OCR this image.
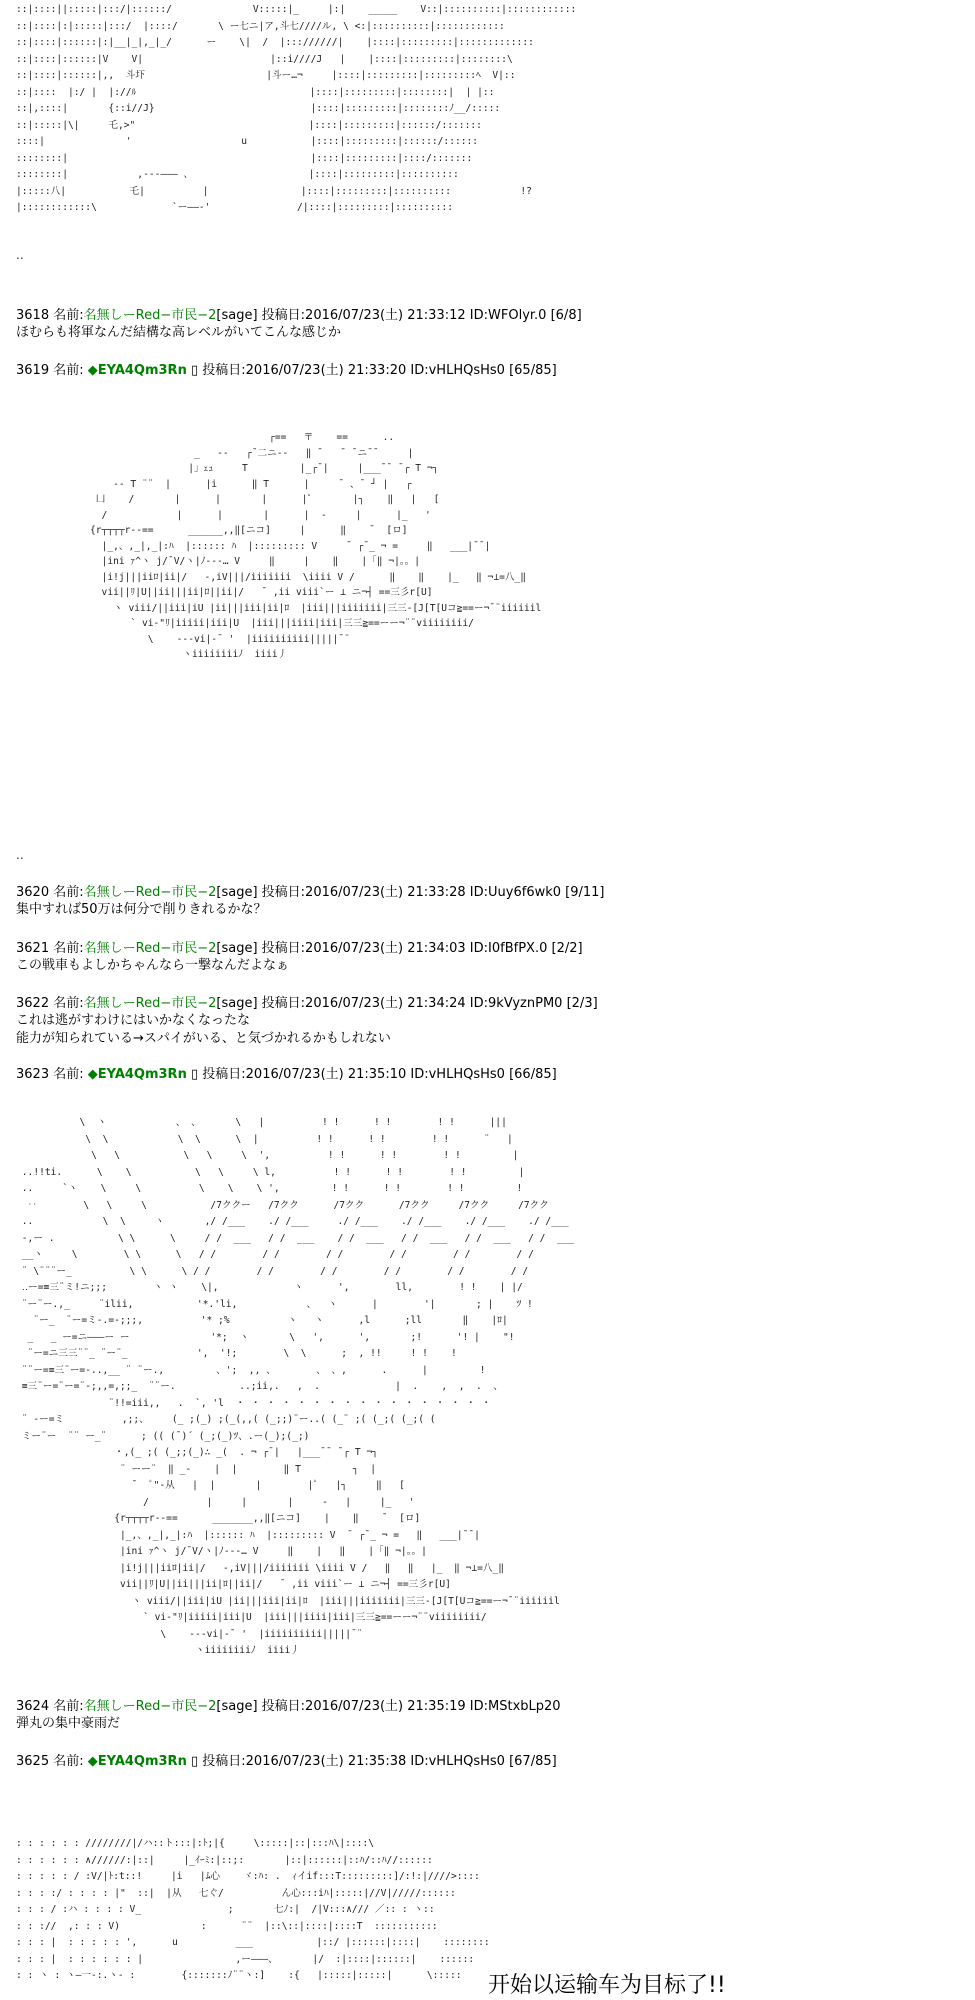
::|::::||:::::|:::/|::::::/              V:::::|_     |:|    _____    V::|::::::::::|::::::::::::
::|::::|:|:::::|:::/  |::::/       \ ー七ニ|ア,斗七////ル, \ <:|::::::::::|::::::::::::
::|::::|::::::|:|__|_|,_|_/      ー    \|  /  |::://////|    |::::|:::::::::|:::::::::::::
::|::::|::::::|V    V|                      |::i////J   |    |::::|:::::::::|::::::::\
::|::::|::::::|,,  斗圷                     |斗ー…¬     |::::|:::::::::|:::::::::ﾍ  V|::
::|::::  |:/ |  |://ﾙ                              |::::|:::::::::|::::::::|  | |::
::|,::::|       {::i//J}                           |::::|:::::::::|::::::::ﾉ__/:::::
::|:::::|\|     乇,>"                              |::::|:::::::::|::::::/:::::::
::::|              '                   u           |::::|:::::::::|::::::/::::::
::::::::|                                          |::::|:::::::::|::::/:::::::
::::::::|            ,---――― 、                    |::::|:::::::::|::::::::::
|:::::八|           乇|          |                |::::|:::::::::|::::::::::            !?
|::::::::::::\             `ー――-'               /|::::|:::::::::|::::::::::
..
3618 名前:名無しーRed−市民−2[sage] 投稿日:2016/07/23(土) 21:33:12 ID:WFOlyr.0 [6/8]
ほむらも将軍なんだ結構な高レベルがいてこんな感じか
3619 名前: ◆EYA4Qm3Rn ▯ 投稿日:2016/07/23(土) 21:33:20 ID:vHLHQsHs0 [65/85]
┌==   〒    ==      ..
_   --   ┌¯二ニ--   ‖ ¯   ¯ ¯ニ¯¯     |
|」ｪｭ     T         |_┌¯|     |___¯¯ ¯┌ T ¬┐
-- T ¨¨  |      |i      ‖ T      |     ¯ 、¯ ┘ |   ┌
凵    /       |      |       |      |ﾟ       |┐    ‖   |   [
/            |      |       |      |  -     |      |_   '
{r┬┬┬┬r--==      ______,,‖[ニコ]     |      ‖    ¯  [ロ]
|_,、,_|,_|:ﾊ  |:::::: ﾊ  |::::::::: V     ¯ ┌¯_ ¬ =     ‖   ___|¯¯|
|ini ｧ^ヽ j/¯V/ヽ|ﾉ---… V     ‖     |    ‖    |「‖ ¬|。。|
|i!j|||iiﾛ|ii|/   -,iV|||/iiiiiii  \iiii V /      ‖    ‖    |_   ‖ ¬⊥=八_‖
vii||ﾘ|U||ii|||ii|ﾛ||ii|/   ¯ ,ii viii`ー ⊥ ニ¬┤ ==三彡r[U]
ヽ viii/||iii|iU |ii|||iii|ii|ﾛ  |iii|||iiiiiii|三三-[J[T[Uコ≧==ー¬¯¨iiiiiil
` vi-"ﾘ|iiiii|iii|U  |iii|||iiii|iii|三三≧==ーー¬¨¨viiiiiiii/
\    ---vi|-¯ '  |iiiiiiiiii|||||¯¨
ヽiiiiiiiiﾉ  iiii丿
..
3620 名前:名無しーRed−市民−2[sage] 投稿日:2016/07/23(土) 21:33:28 ID:Uuy6f6wk0 [9/11]
集中すれば50万は何分で削りきれるかな？
3621 名前:名無しーRed−市民−2[sage] 投稿日:2016/07/23(土) 21:34:03 ID:I0fBfPX.0 [2/2]
この戦車もよしかちゃんなら一撃なんだよなぁ
3622 名前:名無しーRed−市民−2[sage] 投稿日:2016/07/23(土) 21:34:24 ID:9kVyznPM0 [2/3]
これは逃がすわけにはいかなくなったな
能力が知られている→スパイがいる、と気づかれるかもしれない
3623 名前: ◆EYA4Qm3Rn ▯ 投稿日:2016/07/23(土) 21:35:10 ID:vHLHQsHs0 [66/85]
\  ヽ            、 、      \   |          ! !      ! !        ! !      |||
\  \            \  \      \  |          ! !      ! !        ! !      ¨   |
\   \           \   \     \  ',          ! !      ! !        ! !         |
..!!ti.      \    \           \   \     \ l,          ! !      ! !        ! !         |
..     `ヽ    \     \          \    \    \ ',         ! !      ! !        ! !         !
‥        \   \     \           /7ククー   /7クク      /7クク      /7クク     /7クク     /7クク
..            \  \     ヽ       ,/ /___    ./ /___     ./ /___    ./ /___    ./ /___    ./ /___
-,ー .           \ \      \     / /  ___   / /  ___    / /  ___   / /  ___   / /  ___   / /  ___
__ヽ     \        \ \      \   / /        / /        / /        / /        / /        / /
¨ \¨¨¨ー_          \ \      \ / /        / /        / /        / /        / /        / /
‥ー=≡三¨ミ!ニ;;;        ヽ ヽ    \|,             ヽ      ',        ll,        ! !    | |/
¨ー¨ー.,_     ¨ilii,           '*.'li,            、  ヽ      |        '|       ; |    ﾂ !
¨ー_  ¨ー=ミ-.=-;;;,          '* ;%          ヽ   ヽ      ,l      ;ll       ‖    |ﾛ|
_   _ ー=ニ―――ー ー              '*;  ヽ       \   ',      ',       ;!      '! |    "!
¨ー=ニ三三¨¨_ ¨ー¨_            ',  '!;        \  \      ;  , !!     ! !    !
¨¨ー=≡三¨ー=-..,__ ¨ ¨ー.,         、';  ,, 、       、 、,      .      |         !
≡三¨ー=¨ー=¨-;,,=,;;_  ¨¨ー.           ..;ii,.   ,  .             |  .    ,  ,  .  、
¨!!=iii,,   .  `, 'l  ・ ・ ・ ・ ・ ・ ・ ・ ・ ・ ・ ・ ・ ・ ・ ・ ・
¨ -ー=ミ          ,;;、    (_ ;(_) ;(_(,,( (_;;)¨ー..( (_¨ ;( (_;( (_;( (
ミー¨ー  ¨¨ ー_¨      ; (( (¯)´ (_;(_)ﾂ、.ー(_);(_;)
・,(_ ;( (_;;(_)∴ _(  . ¬ ┌¯|   |___¯¯ ¯┌ T ¬┐
¨ ーー¨  ‖ _-    |  |        ‖ T         ┐  |
¯  ﾟ"‐从   |  |       |        |ﾟ   |┐     ‖   [
/          |     |       |     -   |     |_   '
{r┬┬┬┬r--==      _______,,‖[ニコ]    |    ‖    ¯  [ロ]
|_,、,_|,_|:ﾊ  |:::::: ﾊ  |::::::::: V  ¯ ┌¯_ ¬ =   ‖   ___|¯¯|
|ini ｧ^ヽ j/¯V/ヽ|ﾉ---… V     ‖    |   ‖    |「‖ ¬|。。|
|i!j|||iiﾛ|ii|/   -,iV|||/iiiiiii \iiii V /   ‖   ‖   |_  ‖ ¬⊥=八_‖
vii||ﾘ|U||ii|||ii|ﾛ||ii|/   ¯ ,ii viii`ー ⊥ ニ¬┤ ==三彡r[U]
ヽ viii/||iii|iU |ii|||iii|ii|ﾛ  |iii|||iiiiiii|三三-[J[T[Uコ≧==ー¬¯¨iiiiiil
` vi-"ﾘ|iiiii|iii|U  |iii|||iiii|iii|三三≧==ーー¬¨¨viiiiiiii/
\    ---vi|-¯ '  |iiiiiiiiii|||||¯¨
ヽiiiiiiiiﾉ  iiii丿
3624 名前:名無しーRed−市民−2[sage] 投稿日:2016/07/23(土) 21:35:19 ID:MStxbLp20
弾丸の集中豪雨だ
3625 名前: ◆EYA4Qm3Rn ▯ 投稿日:2016/07/23(土) 21:35:38 ID:vHLHQsHs0 [67/85]
: : : : : : ////////|/ハ::ト:::|:ﾄ;|{     \:::::|::|:::ﾊ\|::::\
: : : : : : ∧//////:|::|     |_ｲｰﾐ:|::;:       |::|::::::|::ﾊ/::ﾊ//::::::
: : : : : / :V/|ﾄ:t::!     |i   |ﾑ心    ヾ:ﾊ: .  ｨイif:::T:::::::::]/:!:|////>::::
: : : :/ : : : : |"  ::|  |从   七ぐ/          ん心:::iﾊ|:::::|//V|/////::::::
: : : / :ハ : : : : V_               ;       七ﾉ:|  /|V:::∧/// ／:: : ヽ::
: : ://  ,: : : V)              :      ¨¨  |::\::|::::|::::T  :::::::::::
: : : |  : : : : : ',      u          ___           |::/ |::::::|::::|    ::::::::
: : : |  : : : : : : |                ,ー―――、      |/  :|::::|::::::|    ::::::
: : ヽ : ヽ―一-:.ヽ- :        {:::::::ﾉ¨¨ヽ:]    :{   |:::::|:::::|      \::::: 开始以运输车为目标了!!
